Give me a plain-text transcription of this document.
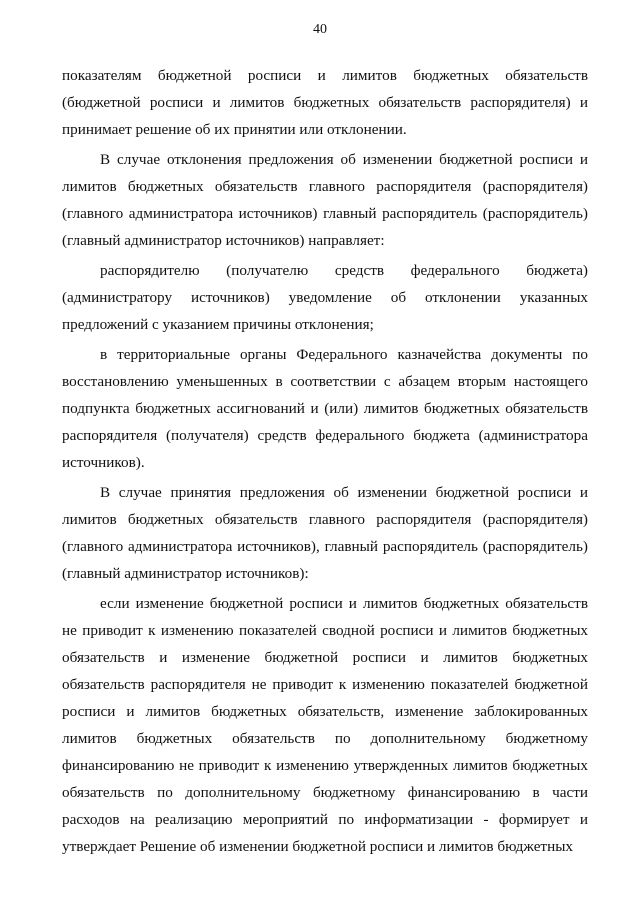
40

показателям бюджетной росписи и лимитов бюджетных обязательств (бюджетной росписи и лимитов бюджетных обязательств распорядителя) и принимает решение об их принятии или отклонении.

В случае отклонения предложения об изменении бюджетной росписи и лимитов бюджетных обязательств главного распорядителя (распорядителя) (главного администратора источников) главный распорядитель (распорядитель) (главный администратор источников) направляет:

распорядителю (получателю средств федерального бюджета) (администратору источников) уведомление об отклонении указанных предложений с указанием причины отклонения;

в территориальные органы Федерального казначейства документы по восстановлению уменьшенных в соответствии с абзацем вторым настоящего подпункта бюджетных ассигнований и (или) лимитов бюджетных обязательств распорядителя (получателя) средств федерального бюджета (администратора источников).

В случае принятия предложения об изменении бюджетной росписи и лимитов бюджетных обязательств главного распорядителя (распорядителя) (главного администратора источников), главный распорядитель (распорядитель) (главный администратор источников):

если изменение бюджетной росписи и лимитов бюджетных обязательств не приводит к изменению показателей сводной росписи и лимитов бюджетных обязательств и изменение бюджетной росписи и лимитов бюджетных обязательств распорядителя не приводит к изменению показателей бюджетной росписи и лимитов бюджетных обязательств, изменение заблокированных лимитов бюджетных обязательств по дополнительному бюджетному финансированию не приводит к изменению утвержденных лимитов бюджетных обязательств по дополнительному бюджетному финансированию в части расходов на реализацию мероприятий по информатизации - формирует и утверждает Решение об изменении бюджетной росписи и лимитов бюджетных
